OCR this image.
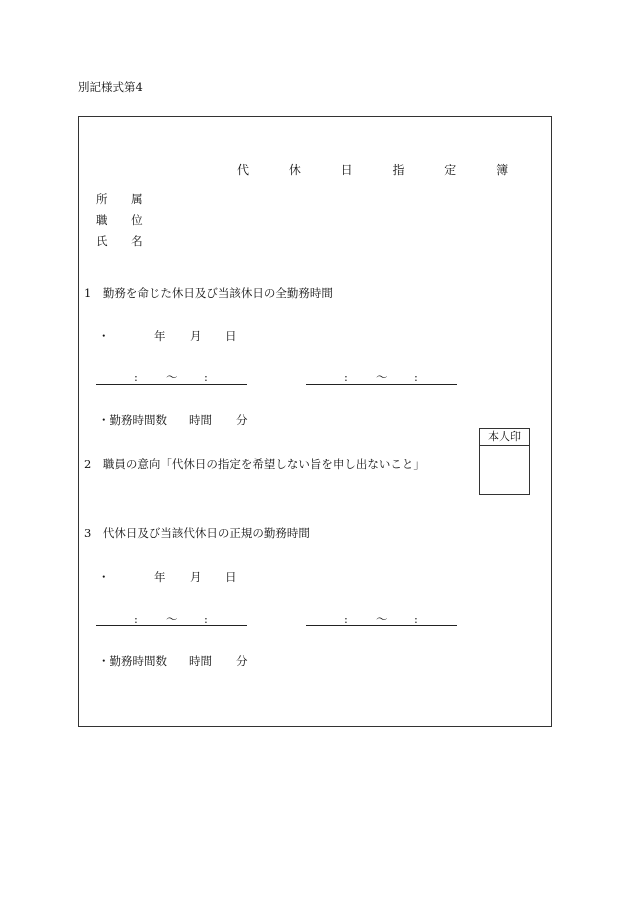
別記様式第4
代 休 日 指 定 簿
所 属
職 位
氏 名
1　勤務を命じた休日及び当該休日の全勤務時間
・	年 月 日
: 〜 :	: 〜 :
・勤務時間数 時間 分
本人印
2　職員の意向「代休日の指定を希望しない旨を申し出ないこと」
3　代休日及び当該代休日の正規の勤務時間
・	年 月 日
: 〜 :	: 〜 :
・勤務時間数 時間 分
